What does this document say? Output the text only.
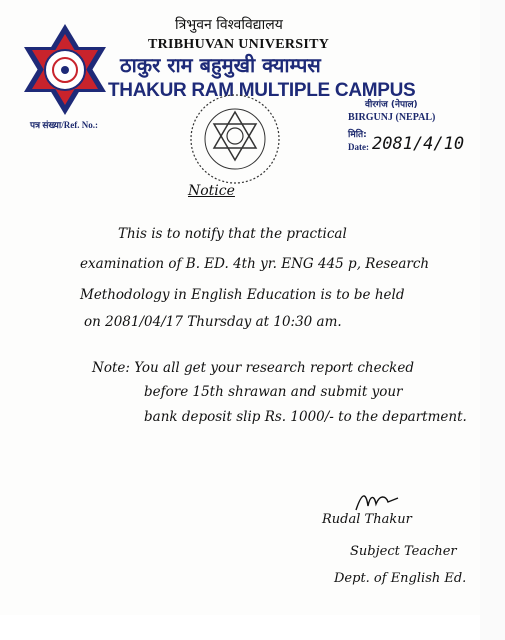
त्रिभुवन विश्वविद्यालय
TRIBHUVAN UNIVERSITY
ठाकुर राम बहुमुखी क्याम्पस
THAKUR RAM MULTIPLE CAMPUS
पत्र संख्या/Ref. No.:
वीरगंज (नेपाल)
BIRGUNJ (NEPAL)
मिति:
Date: 2081/4/10
Notice
This is to notify that the practical
examination of B. ED. 4th yr. ENG 445 p, Research
Methodology in English Education is to be held
on 2081/04/17 Thursday at 10:30 am.
Note: You all get your research report checked
before 15th shrawan and submit your
bank deposit slip Rs. 1000/- to the department.
Rudal Thakur
Subject Teacher
Dept. of English Ed.
